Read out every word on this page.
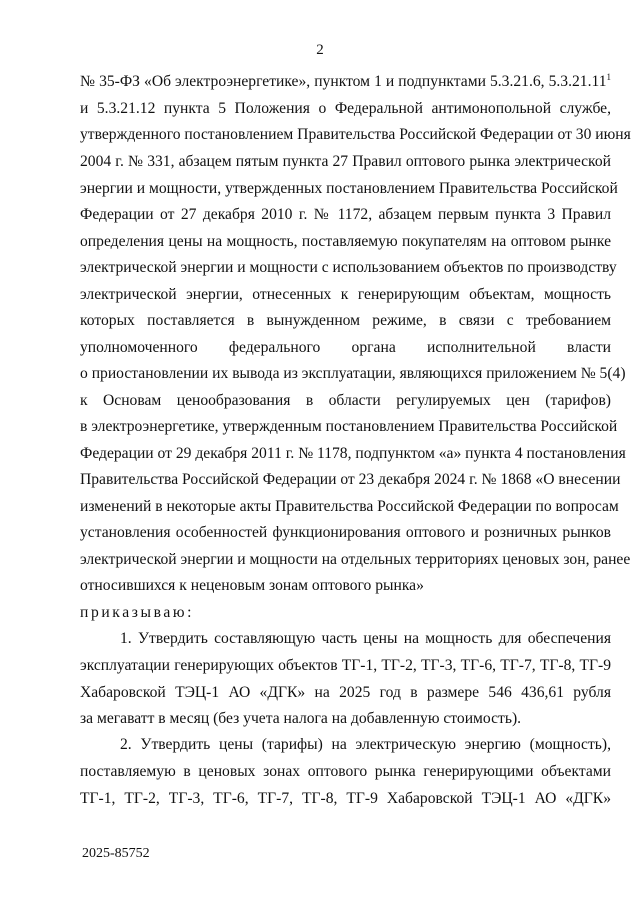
2
№ 35-ФЗ «Об электроэнергетике», пунктом 1 и подпунктами 5.3.21.6, 5.3.21.11$^1$
и 5.3.21.12 пункта 5 Положения о Федеральной антимонопольной службе,
утвержденного постановлением Правительства Российской Федерации от 30 июня
2004 г. № 331, абзацем пятым пункта 27 Правил оптового рынка электрической
энергии и мощности, утвержденных постановлением Правительства Российской
Федерации от 27 декабря 2010 г. № 1172, абзацем первым пункта 3 Правил
определения цены на мощность, поставляемую покупателям на оптовом рынке
электрической энергии и мощности с использованием объектов по производству
электрической энергии, отнесенных к генерирующим объектам, мощность
которых поставляется в вынужденном режиме, в связи с требованием
уполномоченного федерального органа исполнительной власти
о приостановлении их вывода из эксплуатации, являющихся приложением № 5(4)
к Основам ценообразования в области регулируемых цен (тарифов)
в электроэнергетике, утвержденным постановлением Правительства Российской
Федерации от 29 декабря 2011 г. № 1178, подпунктом «а» пункта 4 постановления
Правительства Российской Федерации от 23 декабря 2024 г. № 1868 «О внесении
изменений в некоторые акты Правительства Российской Федерации по вопросам
установления особенностей функционирования оптового и розничных рынков
электрической энергии и мощности на отдельных территориях ценовых зон, ранее
относившихся к неценовым зонам оптового рынка»
приказываю:
1. Утвердить составляющую часть цены на мощность для обеспечения
эксплуатации генерирующих объектов ТГ-1, ТГ-2, ТГ-3, ТГ-6, ТГ-7, ТГ-8, ТГ-9
Хабаровской ТЭЦ-1 АО «ДГК» на 2025 год в размере 546 436,61 рубля
за мегаватт в месяц (без учета налога на добавленную стоимость).
2. Утвердить цены (тарифы) на электрическую энергию (мощность),
поставляемую в ценовых зонах оптового рынка генерирующими объектами
ТГ-1, ТГ-2, ТГ-3, ТГ-6, ТГ-7, ТГ-8, ТГ-9 Хабаровской ТЭЦ-1 АО «ДГК»
2025-85752
